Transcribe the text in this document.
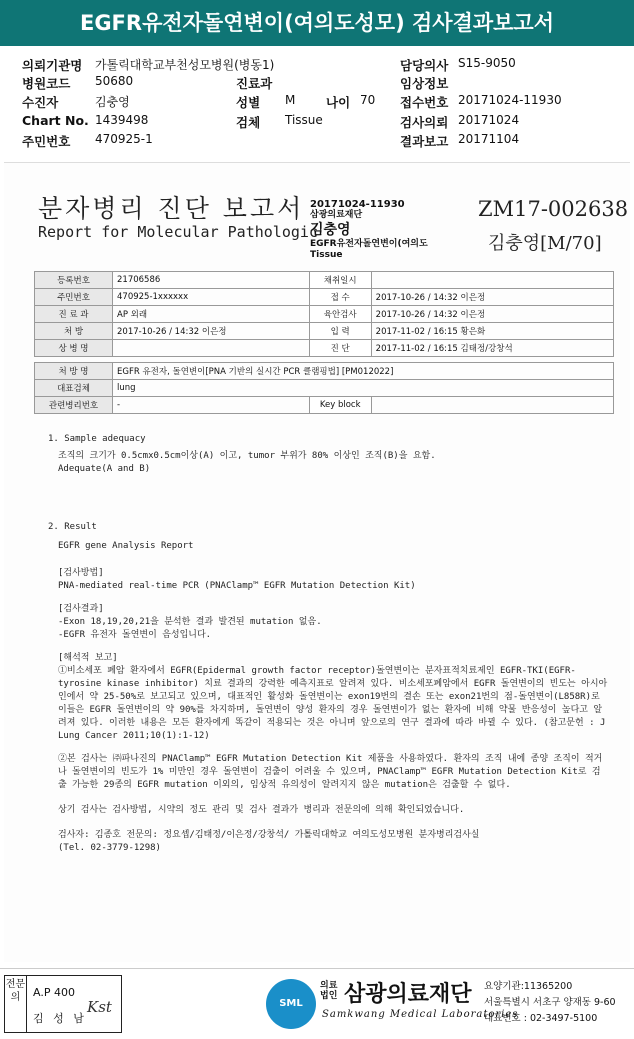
EGFR유전자돌연변이(여의도성모) 검사결과보고서
의뢰기관명 가톨릭대학교부천성모병원(병동1)	담당의사 S15-9050
병원코드 50680	진료과	임상정보
수진자	김충영	성별 M 나이 70 접수번호 20171024-11930
Chart No. 1439498	검체 Tissue	검사의뢰 20171024
주민번호 470925-1	결과보고 20171104
분자병리 진단 보고서
Report for Molecular Pathologic
20171024-11930
삼광의료재단
김충영
EGFR유전자돌연변이(여의도
Tissue
ZM17-002638
김충영[M/70]
등록번호	21706586	채취일시	
주민번호	470925-1xxxxxx	접 수	2017-10-26 / 14:32 이은정
진 료 과	AP 외래	육안검사	2017-10-26 / 14:32 이은정
처 방	2017-10-26 / 14:32 이은정	입 력	2017-11-02 / 16:15 황은화
상 병 명		진 단	2017-11-02 / 16:15 김태정/강창석

처 방 명	EGFR 유전자, 돌연변이[PNA 기반의 실시간 PCR 클램핑법] [PM012022]		
대표검체	lung		
관련병리번호	-	Key block	
1. Sample adequacy
조직의 크기가 0.5cmx0.5cm이상(A) 이고, tumor 부위가 80% 이상인 조직(B)을 요함.
Adequate(A and B)
2. Result
EGFR gene Analysis Report
[검사방법]
PNA-mediated real-time PCR (PNAClamp™ EGFR Mutation Detection Kit)
[검사결과]
-Exon 18,19,20,21을 분석한 결과 발견된 mutation 없음.
-EGFR 유전자 돌연변이 음성입니다.
[해석적 보고]
①비소세포 폐암 환자에서 EGFR(Epidermal growth factor receptor)돌연변이는 분자표적치료제인 EGFR-TKI(EGFR-tyrosine kinase inhibitor) 치료 결과의 강력한 예측지표로 알려져 있다. 비소세포폐암에서 EGFR 돌연변이의 빈도는 아시아인에서 약 25-50%로 보고되고 있으며, 대표적인 활성화 돌연변이는 exon19번의 결손 또는 exon21번의 점-돌연변이(L858R)로 이들은 EGFR 돌연변이의 약 90%를 차지하며, 돌연변이 양성 환자의 경우 돌연변이가 없는 환자에 비해 약물 반응성이 높다고 알려져 있다. 이러한 내용은 모든 환자에게 똑같이 적용되는 것은 아니며 앞으로의 연구 결과에 따라 바뀔 수 있다. (참고문헌 : J Lung Cancer 2011;10(1):1-12)
②본 검사는 ㈜파나진의 PNAClamp™ EGFR Mutation Detection Kit 제품을 사용하였다. 환자의 조직 내에 종양 조직이 적거나 돌연변이의 빈도가 1% 미만인 경우 돌연변이 검출이 어려울 수 있으며, PNAClamp™ EGFR Mutation Detection Kit로 검출 가능한 29종의 EGFR mutation 이외의, 임상적 유의성이 알려지지 않은 mutation은 검출할 수 없다.
상기 검사는 검사방법, 시약의 정도 관리 및 검사 결과가 병리과 전문의에 의해 확인되었습니다.
검사자: 김종호 전문의: 정요셉/김태정/이은정/강창석/ 가톨릭대학교 여의도성모병원 분자병리검사실
(Tel. 02-3779-1298)
전문의	A.P 400
김 성 남
Kst	SML
의료 법인 삼광의료재단
Samkwang Medical Laboratories
요양기관:11365200
서울특별시 서초구 양재동 9-60
대표번호 : 02-3497-5100
